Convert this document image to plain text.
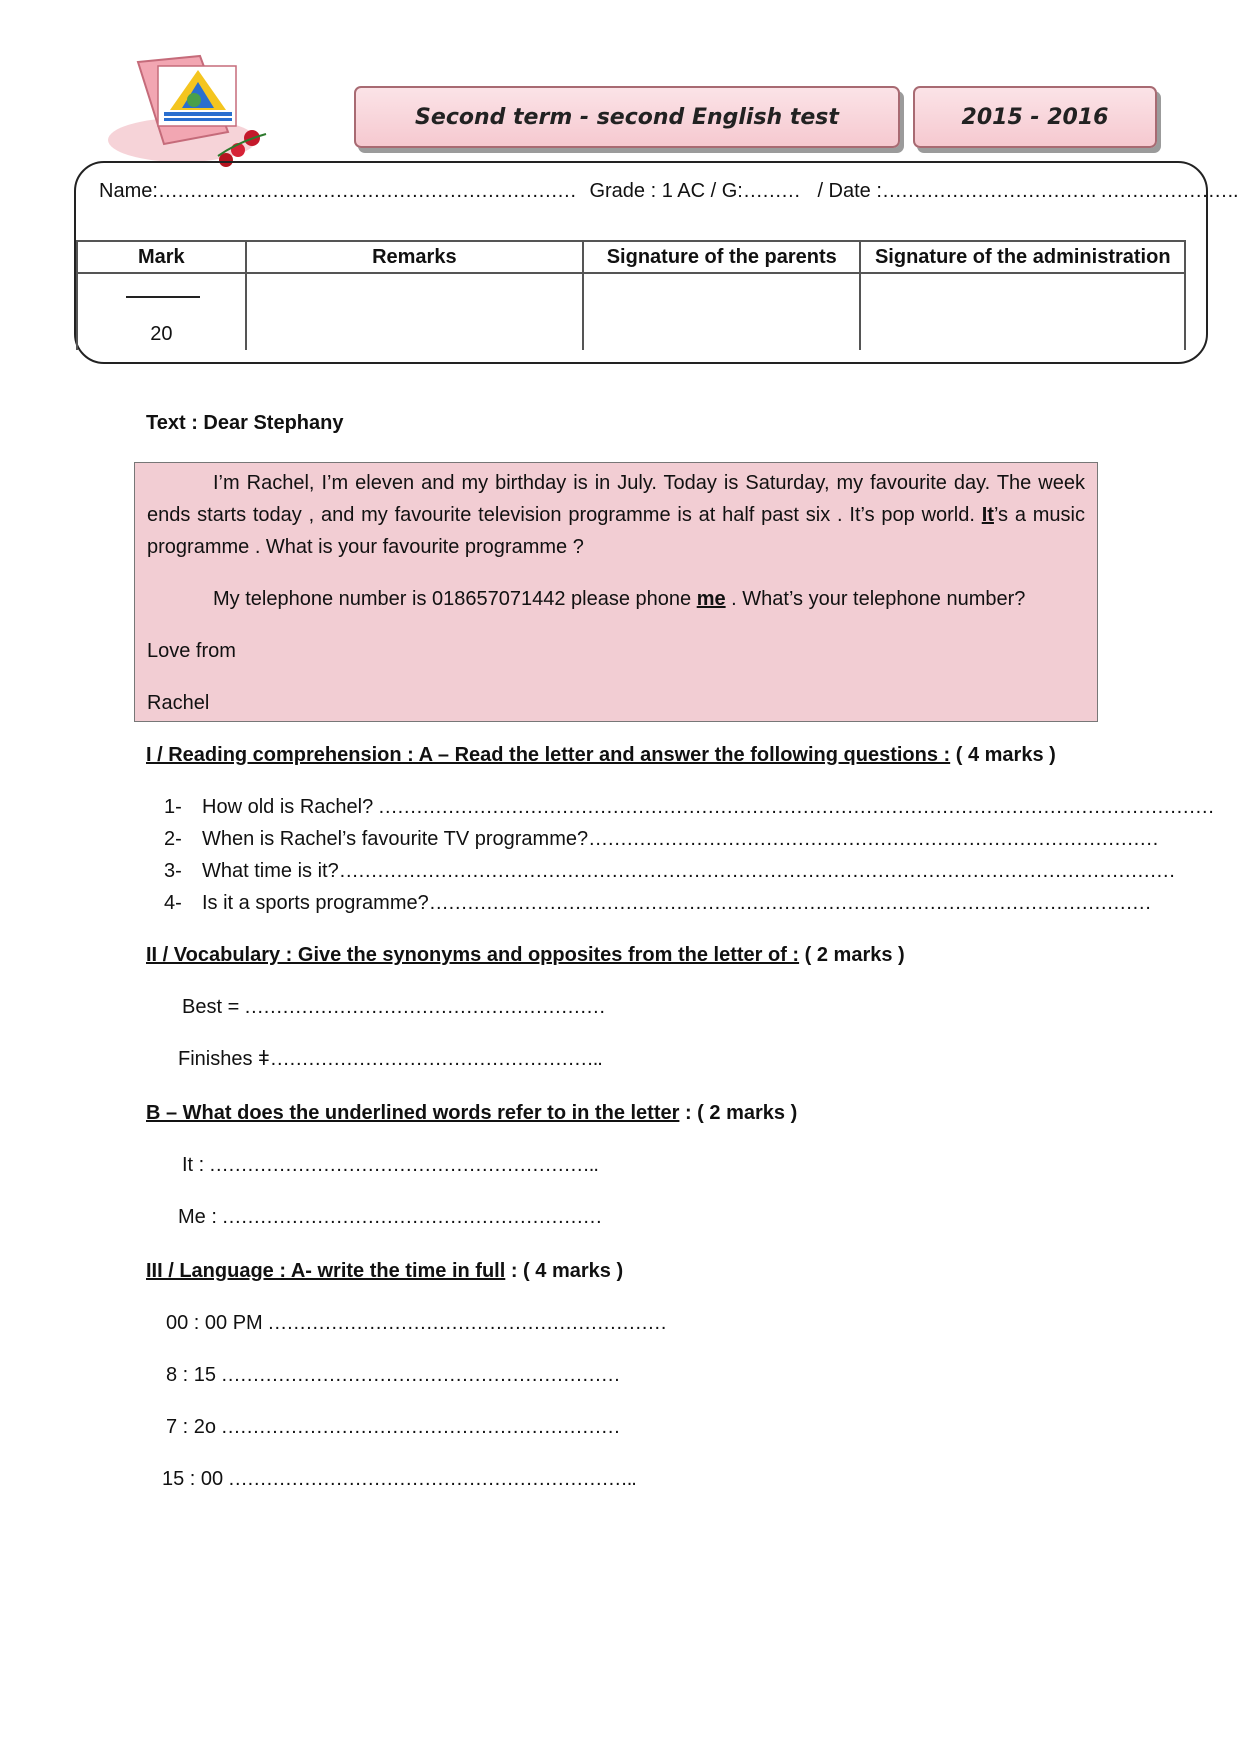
Second term - second English test	2015 - 2016
Name:………………………………………………………… Grade : 1 AC / G:……… / Date :……………………………. ………………….
Mark	Remarks	Signature of the parents	Signature of the administration

20			

Text : Dear Stephany

I’m Rachel, I’m eleven and my birthday is in July. Today is Saturday, my favourite day. The week ends starts today , and my favourite television programme is at half past six . It’s pop world. It’s a music programme . What is your favourite programme ?

My telephone number is 018657071442 please phone me . What’s your telephone number?

Love from

Rachel

I / Reading comprehension : A – Read the letter and answer the following questions : ( 4 marks )
1- How old is Rachel? ……………………………………………………………………………………………………………………
2- When is Rachel’s favourite TV programme?………………………………………………………………………………
3- What time is it?……………………………………………………………………………………………………………………
4- Is it a sports programme?……………………………………………………………………………………………………
II / Vocabulary : Give the synonyms and opposites from the letter of : ( 2 marks )
Best = …………………………………………………
Finishes ǂ……………………………………………..
B – What does the underlined words refer to in the letter : ( 2 marks )
It : ……………………………………………………..
Me : ……………………………………………………
III / Language : A- write the time in full : ( 4 marks )
00 : 00 PM ………………………………………………………
8 : 15 ………………………………………………………
7 : 2o ………………………………………………………
15 : 00 ………………………………………………………..
